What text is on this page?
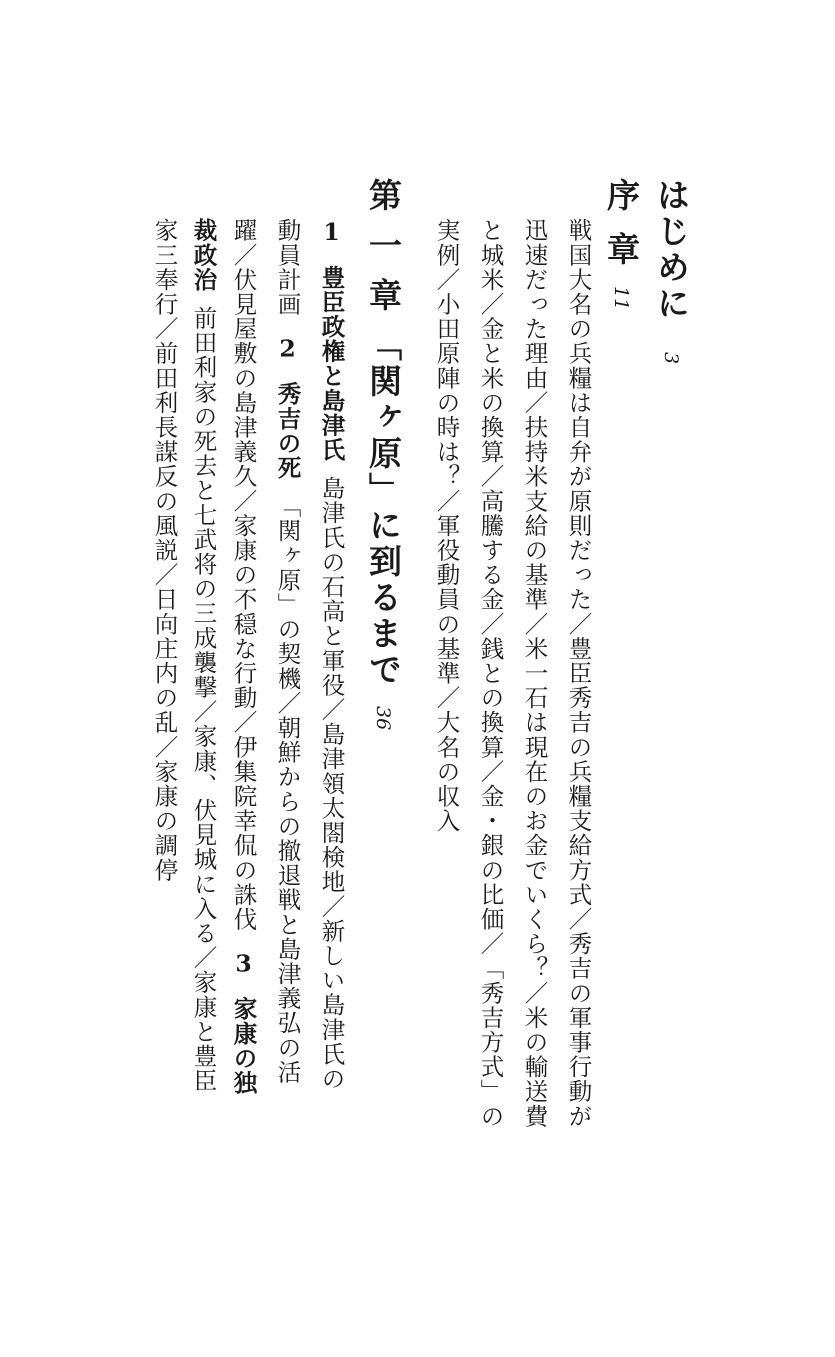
はじめに3
序章11
戦国大名の兵糧は自弁が原則だった／豊臣秀吉の兵糧支給方式／秀吉の軍事行動が
迅速だった理由／扶持米支給の基準／米一石は現在のお金でいくら？／米の輸送費
と城米／金と米の換算／高騰する金／銭との換算／金・銀の比価／「秀吉方式」の
実例／小田原陣の時は？／軍役動員の基準／大名の収入
第一章「関ヶ原」に到るまで36
1豊臣政権と島津氏島津氏の石高と軍役／島津領太閤検地／新しい島津氏の
動員計画2秀吉の死「関ヶ原」の契機／朝鮮からの撤退戦と島津義弘の活
躍／伏見屋敷の島津義久／家康の不穏な行動／伊集院幸侃の誅伐3家康の独
裁政治前田利家の死去と七武将の三成襲撃／家康、伏見城に入る／家康と豊臣
家三奉行／前田利長謀反の風説／日向庄内の乱／家康の調停
